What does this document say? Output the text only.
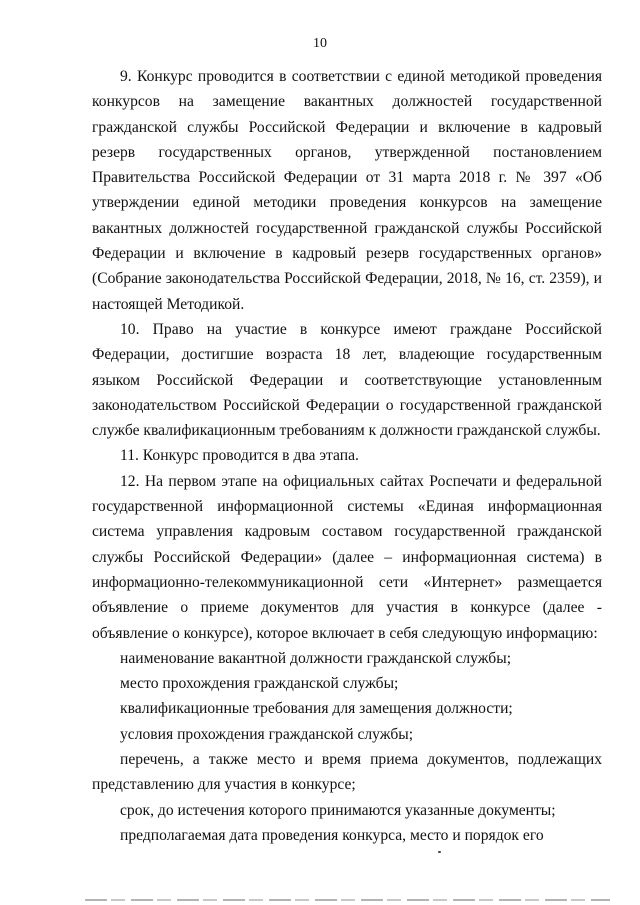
10

9. Конкурс проводится в соответствии с единой методикой проведения конкурсов на замещение вакантных должностей государственной гражданской службы Российской Федерации и включение в кадровый резерв государственных органов, утвержденной постановлением Правительства Российской Федерации от 31 марта 2018 г. № 397 «Об утверждении единой методики проведения конкурсов на замещение вакантных должностей государственной гражданской службы Российской Федерации и включение в кадровый резерв государственных органов» (Собрание законодательства Российской Федерации, 2018, № 16, ст. 2359), и настоящей Методикой.

10. Право на участие в конкурсе имеют граждане Российской Федерации, достигшие возраста 18 лет, владеющие государственным языком Российской Федерации и соответствующие установленным законодательством Российской Федерации о государственной гражданской службе квалификационным требованиям к должности гражданской службы.

11. Конкурс проводится в два этапа.

12. На первом этапе на официальных сайтах Роспечати и федеральной государственной информационной системы «Единая информационная система управления кадровым составом государственной гражданской службы Российской Федерации» (далее – информационная система) в информационно-телекоммуникационной сети «Интернет» размещается объявление о приеме документов для участия в конкурсе (далее - объявление о конкурсе), которое включает в себя следующую информацию:

наименование вакантной должности гражданской службы;

место прохождения гражданской службы;

квалификационные требования для замещения должности;

условия прохождения гражданской службы;

перечень, а также место и время приема документов, подлежащих представлению для участия в конкурсе;

срок, до истечения которого принимаются указанные документы;

предполагаемая дата проведения конкурса, место и порядок его
